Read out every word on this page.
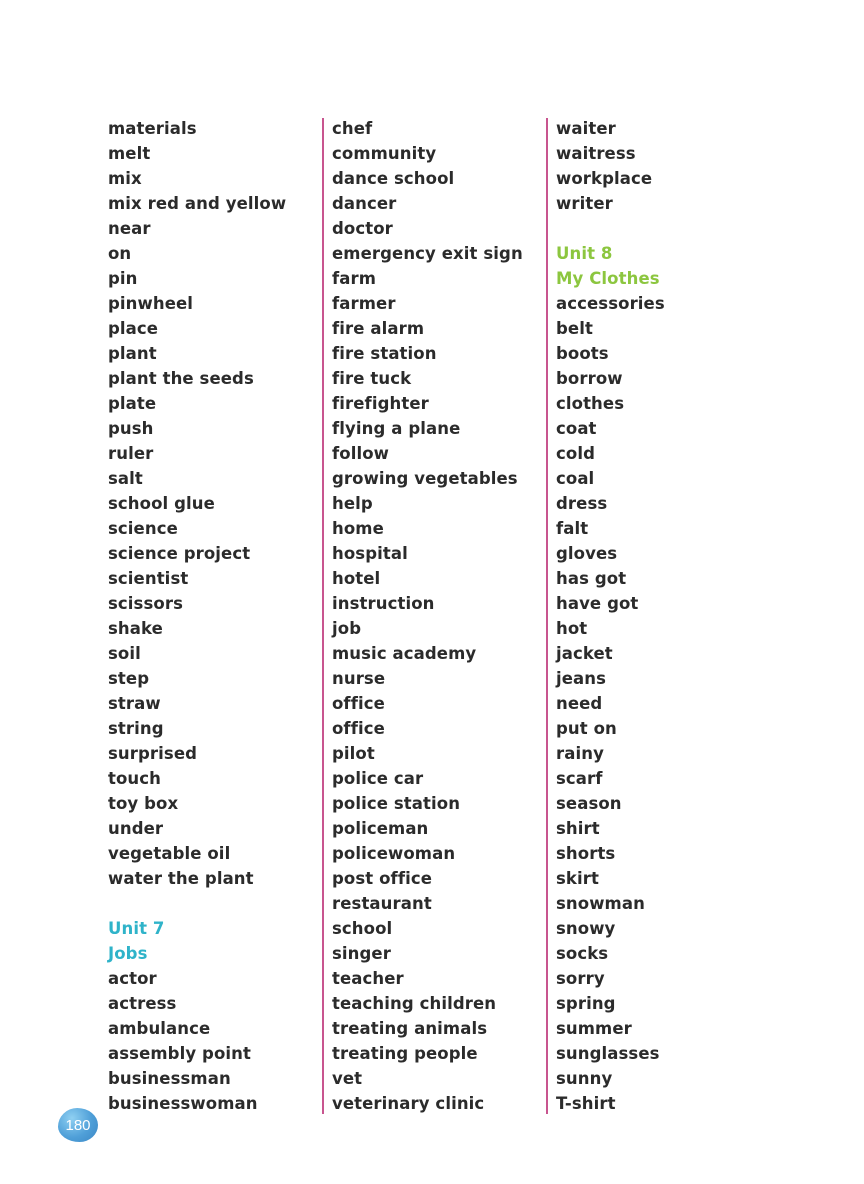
materials
melt
mix
mix red and yellow
near
on
pin
pinwheel
place
plant
plant the seeds
plate
push
ruler
salt
school glue
science
science project
scientist
scissors
shake
soil
step
straw
string
surprised
touch
toy box
under
vegetable oil
water the plant
Unit 7
Jobs
actor
actress
ambulance
assembly point
businessman
businesswoman
chef
community
dance school
dancer
doctor
emergency exit sign
farm
farmer
fire alarm
fire station
fire tuck
firefighter
flying a plane
follow
growing vegetables
help
home
hospital
hotel
instruction
job
music academy
nurse
office
office
pilot
police car
police station
policeman
policewoman
post office
restaurant
school
singer
teacher
teaching children
treating animals
treating people
vet
veterinary clinic
waiter
waitress
workplace
writer
Unit 8
My Clothes
accessories
belt
boots
borrow
clothes
coat
cold
coal
dress
falt
gloves
has got
have got
hot
jacket
jeans
need
put on
rainy
scarf
season
shirt
shorts
skirt
snowman
snowy
socks
sorry
spring
summer
sunglasses
sunny
T-shirt
180
